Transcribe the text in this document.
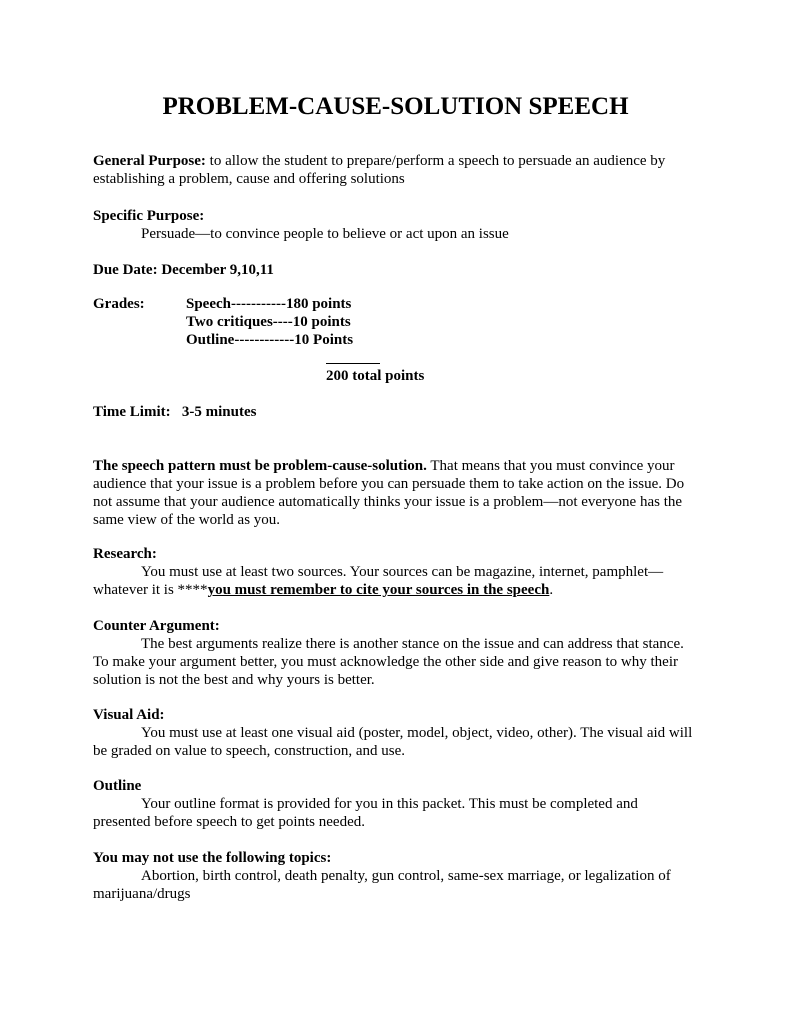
PROBLEM-CAUSE-SOLUTION SPEECH
General Purpose: to allow the student to prepare/perform a speech to persuade an audience by establishing a problem, cause and offering solutions
Specific Purpose:
Persuade—to convince people to believe or act upon an issue
Due Date: December 9,10,11
Grades:	Speech-----------180 points
Two critiques----10 points
Outline------------10 Points
200 total points
Time Limit:   3-5 minutes
The speech pattern must be problem-cause-solution. That means that you must convince your audience that your issue is a problem before you can persuade them to take action on the issue. Do not assume that your audience automatically thinks your issue is a problem—not everyone has the same view of the world as you.
Research:
You must use at least two sources. Your sources can be magazine, internet, pamphlet—whatever it is ****you must remember to cite your sources in the speech.
Counter Argument:
The best arguments realize there is another stance on the issue and can address that stance. To make your argument better, you must acknowledge the other side and give reason to why their solution is not the best and why yours is better.
Visual Aid:
You must use at least one visual aid (poster, model, object, video, other). The visual aid will be graded on value to speech, construction, and use.
Outline
Your outline format is provided for you in this packet. This must be completed and presented before speech to get points needed.
You may not use the following topics:
Abortion, birth control, death penalty, gun control, same-sex marriage, or legalization of marijuana/drugs
